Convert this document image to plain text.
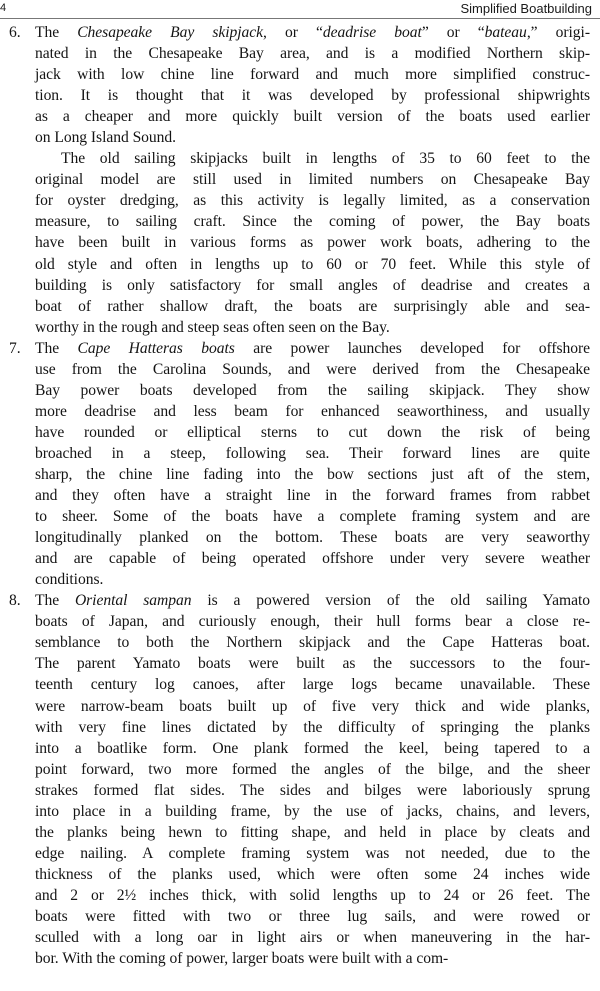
4	Simplified Boatbuilding
6. The Chesapeake Bay skipjack, or “deadrise boat” or “bateau,” origi-
nated in the Chesapeake Bay area, and is a modified Northern skip-
jack with low chine line forward and much more simplified construc-
tion. It is thought that it was developed by professional shipwrights
as a cheaper and more quickly built version of the boats used earlier
on Long Island Sound.
The old sailing skipjacks built in lengths of 35 to 60 feet to the
original model are still used in limited numbers on Chesapeake Bay
for oyster dredging, as this activity is legally limited, as a conservation
measure, to sailing craft. Since the coming of power, the Bay boats
have been built in various forms as power work boats, adhering to the
old style and often in lengths up to 60 or 70 feet. While this style of
building is only satisfactory for small angles of deadrise and creates a
boat of rather shallow draft, the boats are surprisingly able and sea-
worthy in the rough and steep seas often seen on the Bay.
7. The Cape Hatteras boats are power launches developed for offshore
use from the Carolina Sounds, and were derived from the Chesapeake
Bay power boats developed from the sailing skipjack. They show
more deadrise and less beam for enhanced seaworthiness, and usually
have rounded or elliptical sterns to cut down the risk of being
broached in a steep, following sea. Their forward lines are quite
sharp, the chine line fading into the bow sections just aft of the stem,
and they often have a straight line in the forward frames from rabbet
to sheer. Some of the boats have a complete framing system and are
longitudinally planked on the bottom. These boats are very seaworthy
and are capable of being operated offshore under very severe weather
conditions.
8. The Oriental sampan is a powered version of the old sailing Yamato
boats of Japan, and curiously enough, their hull forms bear a close re-
semblance to both the Northern skipjack and the Cape Hatteras boat.
The parent Yamato boats were built as the successors to the four-
teenth century log canoes, after large logs became unavailable. These
were narrow-beam boats built up of five very thick and wide planks,
with very fine lines dictated by the difficulty of springing the planks
into a boatlike form. One plank formed the keel, being tapered to a
point forward, two more formed the angles of the bilge, and the sheer
strakes formed flat sides. The sides and bilges were laboriously sprung
into place in a building frame, by the use of jacks, chains, and levers,
the planks being hewn to fitting shape, and held in place by cleats and
edge nailing. A complete framing system was not needed, due to the
thickness of the planks used, which were often some 24 inches wide
and 2 or 2½ inches thick, with solid lengths up to 24 or 26 feet. The
boats were fitted with two or three lug sails, and were rowed or
sculled with a long oar in light airs or when maneuvering in the har-
bor. With the coming of power, larger boats were built with a com-
